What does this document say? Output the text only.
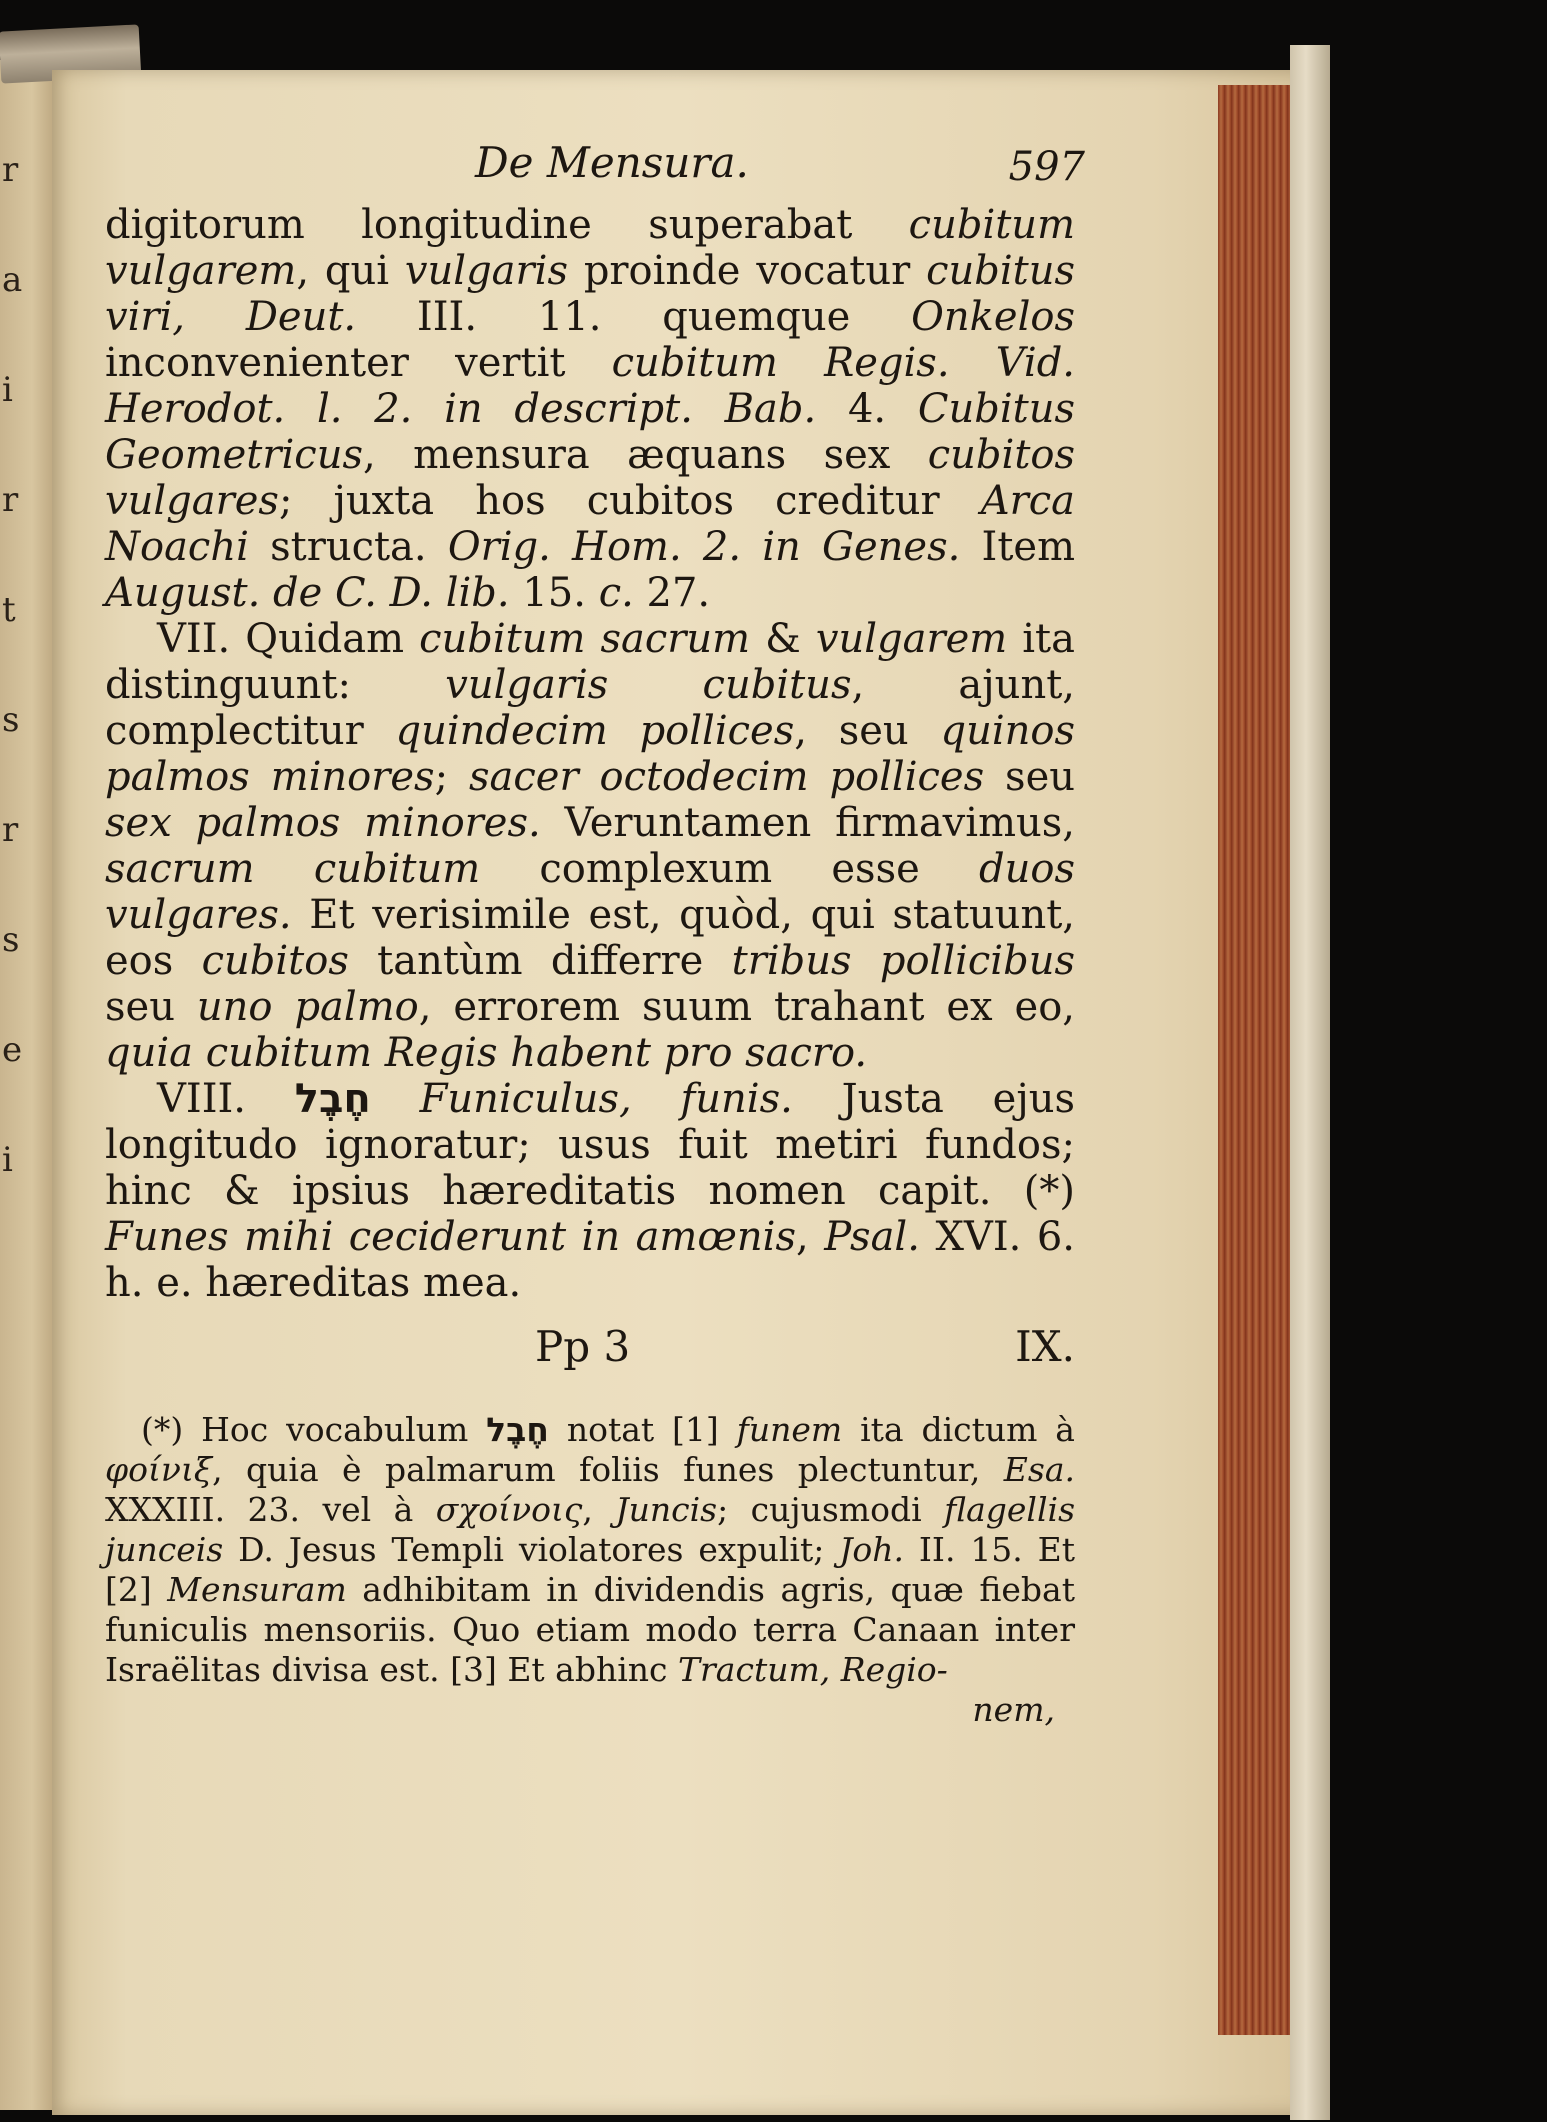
r
a
i
r
t
s
r
s
e
i
De Mensura.	597

digitorum longitudine superabat cubitum vulgarem, qui vulgaris proinde vocatur cubitus viri, Deut. III. 11. quemque Onkelos inconvenienter vertit cubitum Regis. Vid. Herodot. l. 2. in descript. Bab. 4. Cubitus Geometricus, mensura æquans sex cubitos vulgares; juxta hos cubitos creditur Arca Noachi structa. Orig. Hom. 2. in Genes. Item August. de C. D. lib. 15. c. 27.

VII. Quidam cubitum sacrum & vulgarem ita distinguunt: vulgaris cubitus, ajunt, complectitur quindecim pollices, seu quinos palmos minores; sacer octodecim pollices seu sex palmos minores. Veruntamen firmavimus, sacrum cubitum complexum esse duos vulgares. Et verisimile est, quòd, qui statuunt, eos cubitos tantùm differre tribus pollicibus seu uno palmo, errorem suum trahant ex eo, quia cubitum Regis habent pro sacro.

VIII. חֶבֶל Funiculus, funis. Justa ejus longitudo ignoratur; usus fuit metiri fundos; hinc & ipsius hæreditatis nomen capit. (*) Funes mihi ceciderunt in amœnis, Psal. XVI. 6. h. e. hæreditas mea.

Pp 3	IX.

(*) Hoc vocabulum חֶבֶל notat [1] funem ita dictum à φοίνιξ, quia è palmarum foliis funes plectuntur, Esa. XXXIII. 23. vel à σχοίνοις, Juncis; cujusmodi flagellis junceis D. Jesus Templi violatores expulit; Joh. II. 15. Et [2] Mensuram adhibitam in dividendis agris, quæ fiebat funiculis mensoriis. Quo etiam modo terra Canaan inter Israëlitas divisa est. [3] Et abhinc Tractum, Regio-

nem,
